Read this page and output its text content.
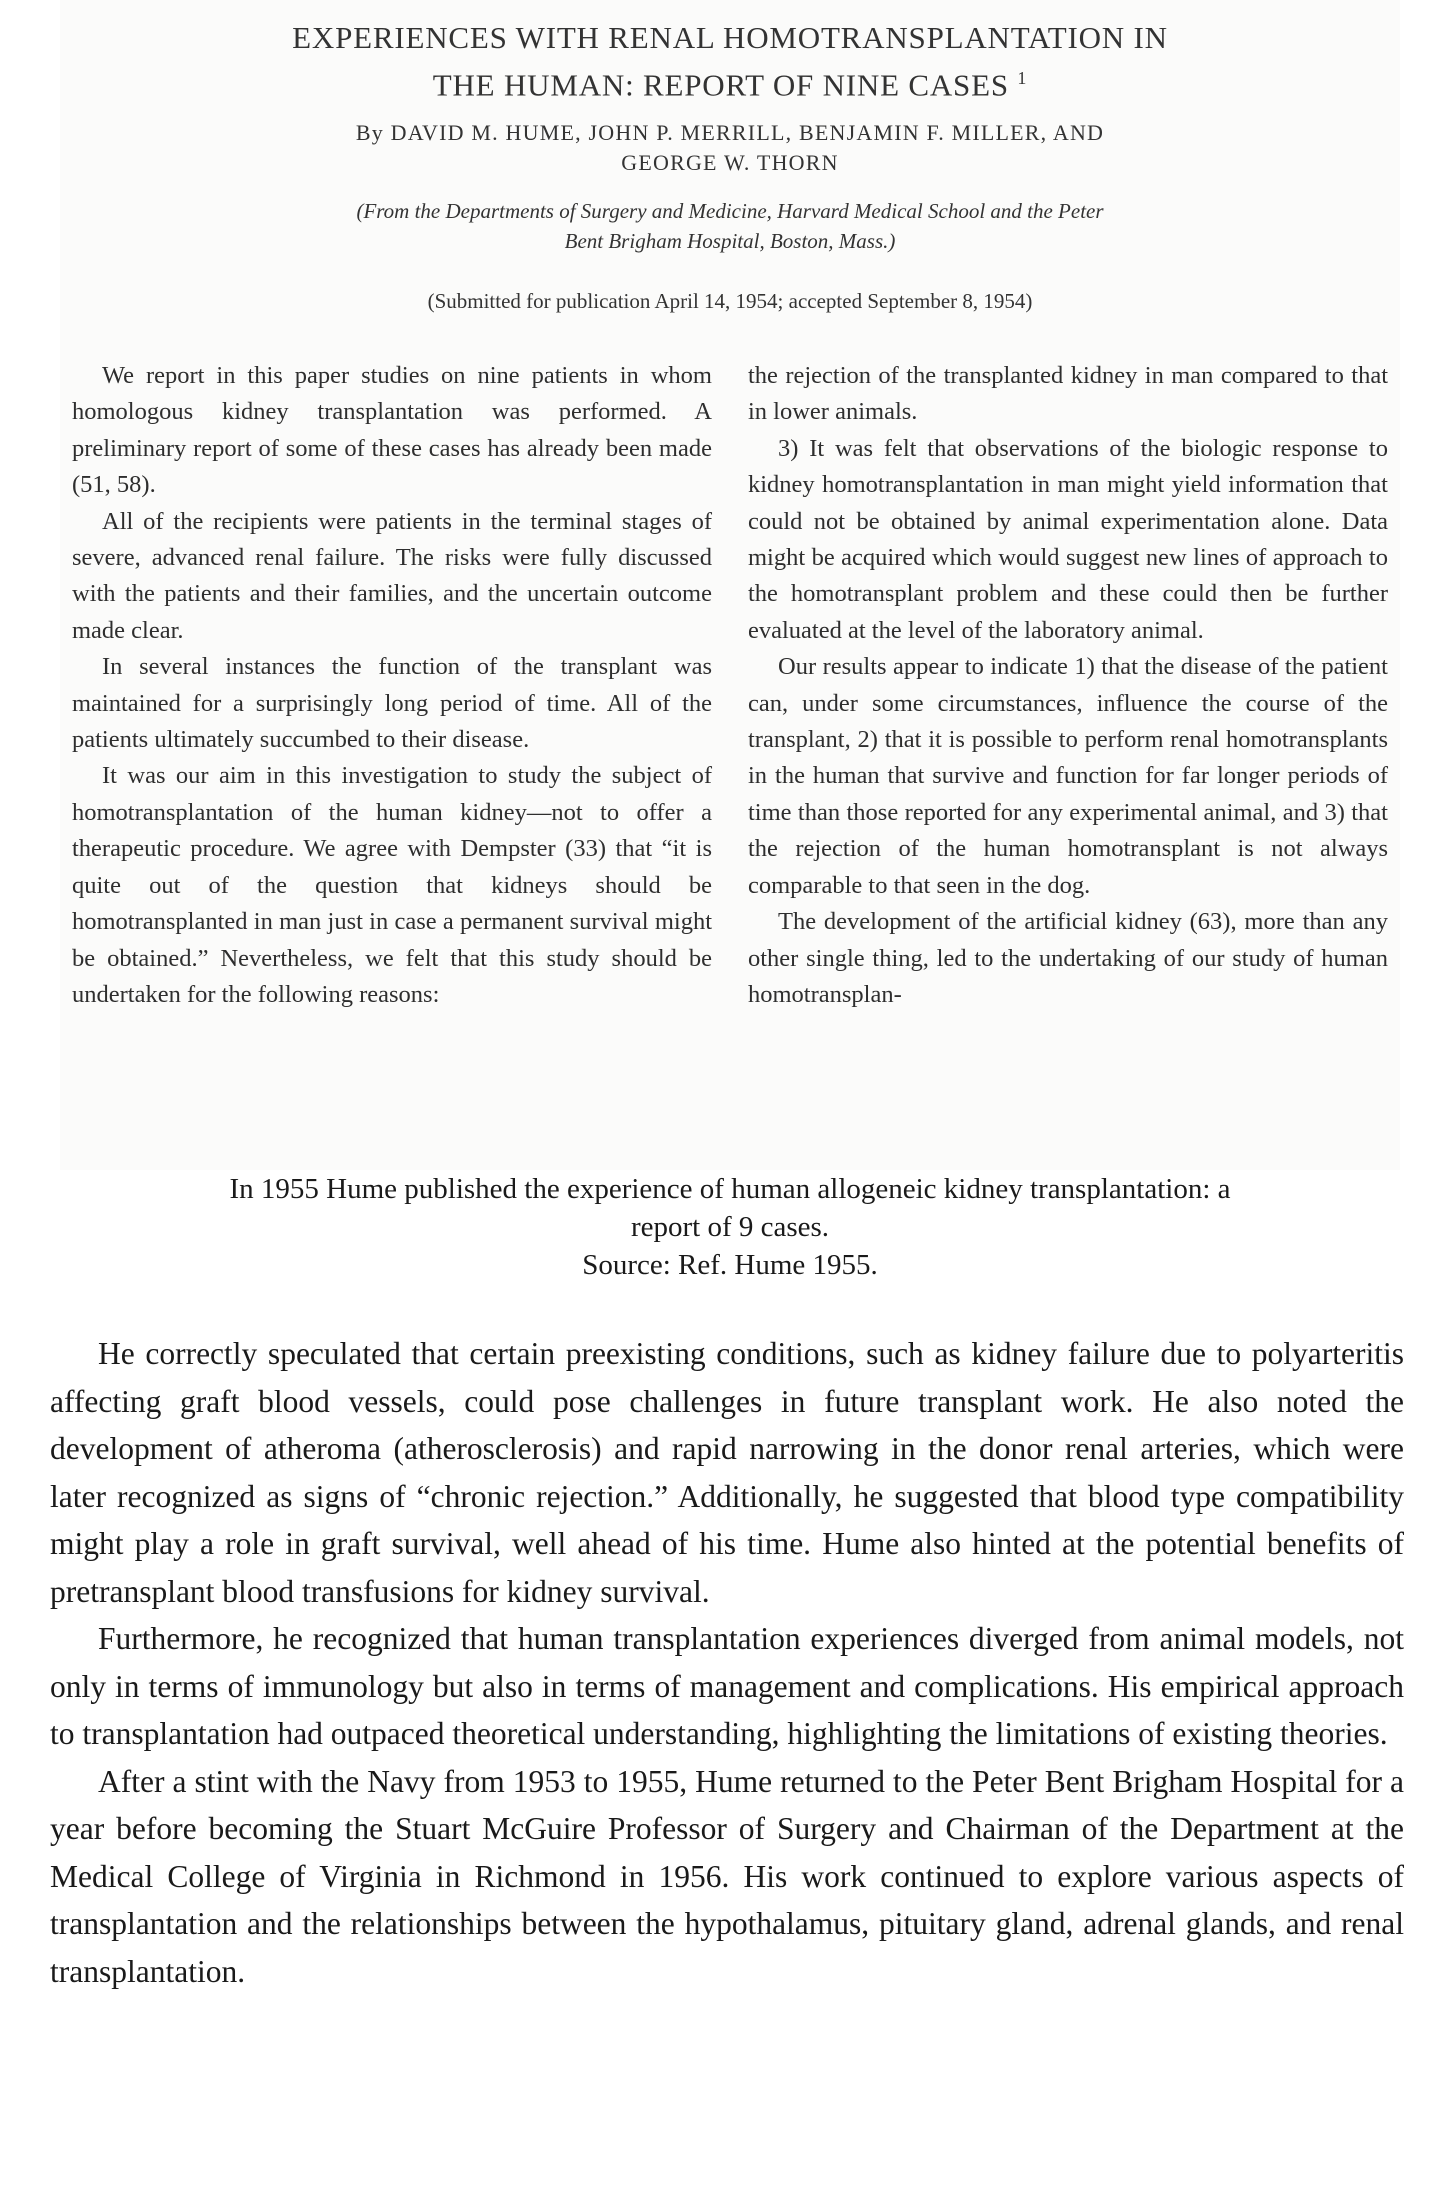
EXPERIENCES WITH RENAL HOMOTRANSPLANTATION IN
THE HUMAN: REPORT OF NINE CASES $^1$
By DAVID M. HUME, JOHN P. MERRILL, BENJAMIN F. MILLER, AND
GEORGE W. THORN
(From the Departments of Surgery and Medicine, Harvard Medical School and the Peter
Bent Brigham Hospital, Boston, Mass.)
(Submitted for publication April 14, 1954; accepted September 8, 1954)

We report in this paper studies on nine patients in whom homologous kidney transplantation was performed. A preliminary report of some of these cases has already been made (51, 58).

All of the recipients were patients in the terminal stages of severe, advanced renal failure. The risks were fully discussed with the patients and their families, and the uncertain outcome made clear.

In several instances the function of the transplant was maintained for a surprisingly long period of time. All of the patients ultimately succumbed to their disease.

It was our aim in this investigation to study the subject of homotransplantation of the human kidney—not to offer a therapeutic procedure. We agree with Dempster (33) that “it is quite out of the question that kidneys should be homotransplanted in man just in case a permanent survival might be obtained.” Nevertheless, we felt that this study should be undertaken for the following reasons:

the rejection of the transplanted kidney in man compared to that in lower animals.

3) It was felt that observations of the biologic response to kidney homotransplantation in man might yield information that could not be obtained by animal experimentation alone. Data might be acquired which would suggest new lines of approach to the homotransplant problem and these could then be further evaluated at the level of the laboratory animal.

Our results appear to indicate 1) that the disease of the patient can, under some circumstances, influence the course of the transplant, 2) that it is possible to perform renal homotransplants in the human that survive and function for far longer periods of time than those reported for any experimental animal, and 3) that the rejection of the human homotransplant is not always comparable to that seen in the dog.

The development of the artificial kidney (63), more than any other single thing, led to the undertaking of our study of human homotransplan-

In 1955 Hume published the experience of human allogeneic kidney transplantation: a
report of 9 cases.
Source: Ref. Hume 1955.

He correctly speculated that certain preexisting conditions, such as kidney failure due to polyarteritis affecting graft blood vessels, could pose challenges in future transplant work. He also noted the development of atheroma (atherosclerosis) and rapid narrowing in the donor renal arteries, which were later recognized as signs of “chronic rejection.” Additionally, he suggested that blood type compatibility might play a role in graft survival, well ahead of his time. Hume also hinted at the potential benefits of pretransplant blood transfusions for kidney survival.

Furthermore, he recognized that human transplantation experiences diverged from animal models, not only in terms of immunology but also in terms of management and complications. His empirical approach to transplantation had outpaced theoretical understanding, highlighting the limitations of existing theories.

After a stint with the Navy from 1953 to 1955, Hume returned to the Peter Bent Brigham Hospital for a year before becoming the Stuart McGuire Professor of Surgery and Chairman of the Department at the Medical College of Virginia in Richmond in 1956. His work continued to explore various aspects of transplantation and the relationships between the hypothalamus, pituitary gland, adrenal glands, and renal transplantation.
